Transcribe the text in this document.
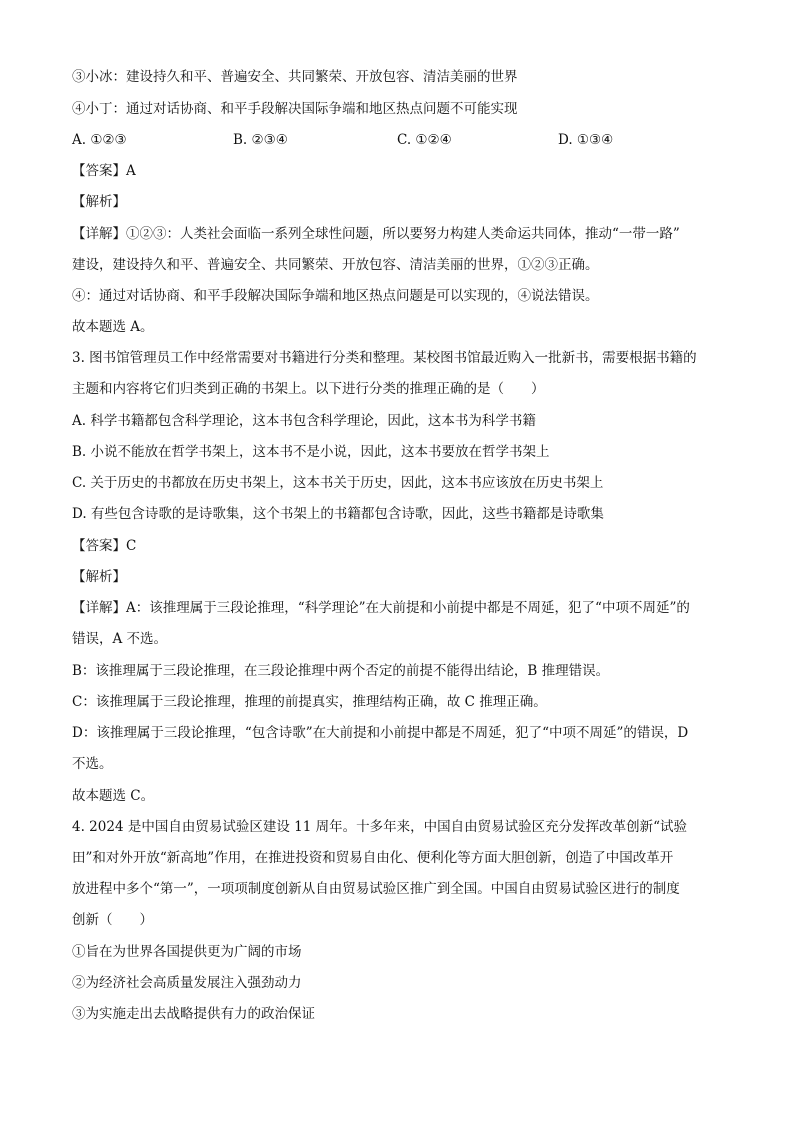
③小冰：建设持久和平、普遍安全、共同繁荣、开放包容、清洁美丽的世界
④小丁：通过对话协商、和平手段解决国际争端和地区热点问题不可能实现
A. ①②③	B. ②③④	C. ①②④	D. ①③④
【答案】A
【解析】
【详解】①②③：人类社会面临一系列全球性问题，所以要努力构建人类命运共同体，推动“一带一路”
建设，建设持久和平、普遍安全、共同繁荣、开放包容、清洁美丽的世界，①②③正确。
④：通过对话协商、和平手段解决国际争端和地区热点问题是可以实现的，④说法错误。
故本题选 A。
3. 图书馆管理员工作中经常需要对书籍进行分类和整理。某校图书馆最近购入一批新书，需要根据书籍的
主题和内容将它们归类到正确的书架上。以下进行分类的推理正确的是（　　）
A. 科学书籍都包含科学理论，这本书包含科学理论，因此，这本书为科学书籍
B. 小说不能放在哲学书架上，这本书不是小说，因此，这本书要放在哲学书架上
C. 关于历史的书都放在历史书架上，这本书关于历史，因此，这本书应该放在历史书架上
D. 有些包含诗歌的是诗歌集，这个书架上的书籍都包含诗歌，因此，这些书籍都是诗歌集
【答案】C
【解析】
【详解】A：该推理属于三段论推理，“科学理论”在大前提和小前提中都是不周延，犯了“中项不周延”的
错误，A 不选。
B：该推理属于三段论推理，在三段论推理中两个否定的前提不能得出结论，B 推理错误。
C：该推理属于三段论推理，推理的前提真实，推理结构正确，故 C 推理正确。
D：该推理属于三段论推理，“包含诗歌”在大前提和小前提中都是不周延，犯了“中项不周延”的错误，D
不选。
故本题选 C。
4. 2024 是中国自由贸易试验区建设 11 周年。十多年来，中国自由贸易试验区充分发挥改革创新“试验
田”和对外开放“新高地”作用，在推进投资和贸易自由化、便利化等方面大胆创新，创造了中国改革开
放进程中多个“第一”，一项项制度创新从自由贸易试验区推广到全国。中国自由贸易试验区进行的制度
创新（　　）
①旨在为世界各国提供更为广阔的市场
②为经济社会高质量发展注入强劲动力
③为实施走出去战略提供有力的政治保证
